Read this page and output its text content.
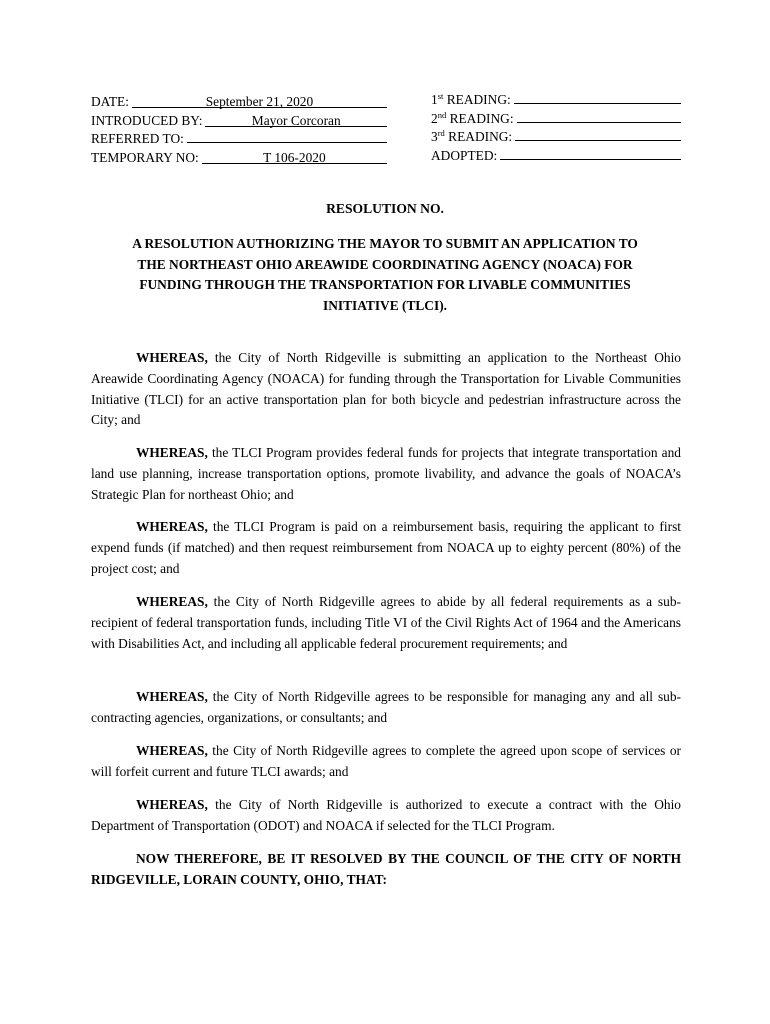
DATE:	September 21, 2020
INTRODUCED BY:	Mayor Corcoran
REFERRED TO:
TEMPORARY NO:	T 106-2020
1st READING:
2nd READING:
3rd READING:
ADOPTED:
RESOLUTION NO.
A RESOLUTION AUTHORIZING THE MAYOR TO SUBMIT AN APPLICATION TO THE NORTHEAST OHIO AREAWIDE COORDINATING AGENCY (NOACA) FOR FUNDING THROUGH THE TRANSPORTATION FOR LIVABLE COMMUNITIES INITIATIVE (TLCI).

WHEREAS, the City of North Ridgeville is submitting an application to the Northeast Ohio Areawide Coordinating Agency (NOACA) for funding through the Transportation for Livable Communities Initiative (TLCI) for an active transportation plan for both bicycle and pedestrian infrastructure across the City; and

WHEREAS, the TLCI Program provides federal funds for projects that integrate transportation and land use planning, increase transportation options, promote livability, and advance the goals of NOACA’s Strategic Plan for northeast Ohio; and

WHEREAS, the TLCI Program is paid on a reimbursement basis, requiring the applicant to first expend funds (if matched) and then request reimbursement from NOACA up to eighty percent (80%) of the project cost; and

WHEREAS, the City of North Ridgeville agrees to abide by all federal requirements as a sub-recipient of federal transportation funds, including Title VI of the Civil Rights Act of 1964 and the Americans with Disabilities Act, and including all applicable federal procurement requirements; and

WHEREAS, the City of North Ridgeville agrees to be responsible for managing any and all sub-contracting agencies, organizations, or consultants; and

WHEREAS, the City of North Ridgeville agrees to complete the agreed upon scope of services or will forfeit current and future TLCI awards; and

WHEREAS, the City of North Ridgeville is authorized to execute a contract with the Ohio Department of Transportation (ODOT) and NOACA if selected for the TLCI Program.

NOW THEREFORE, BE IT RESOLVED BY THE COUNCIL OF THE CITY OF NORTH RIDGEVILLE, LORAIN COUNTY, OHIO, THAT:
